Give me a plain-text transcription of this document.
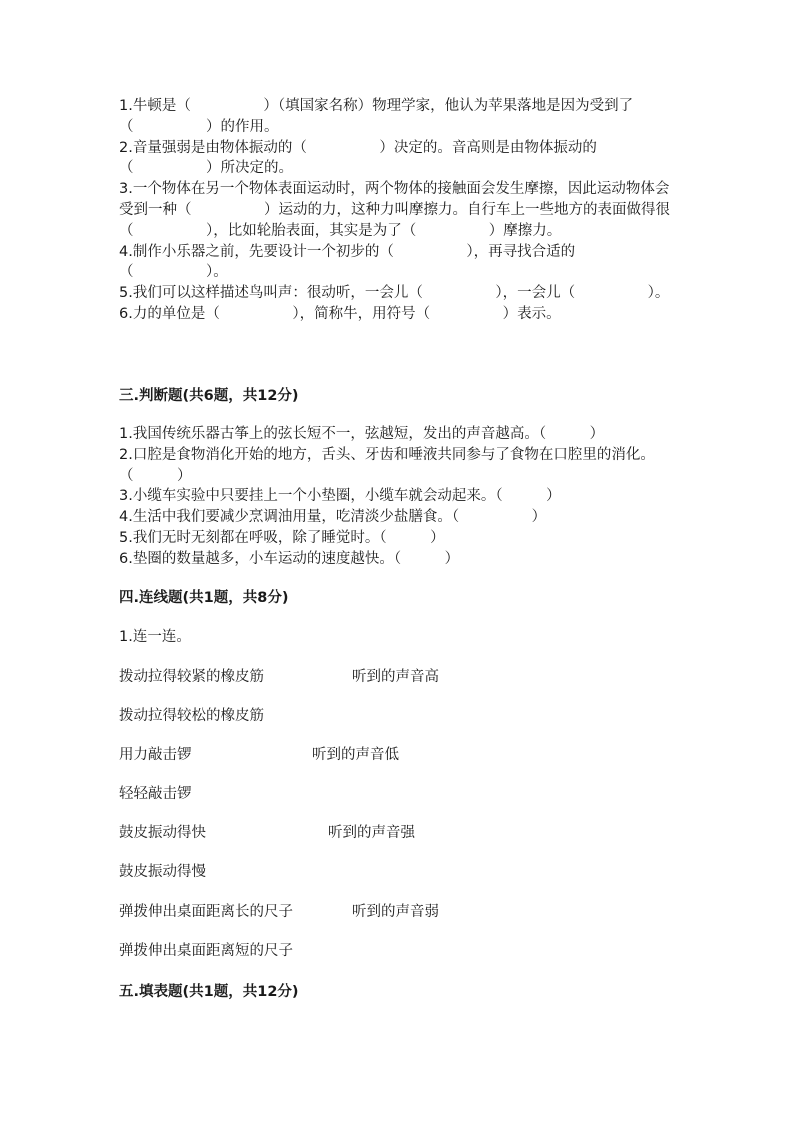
1.牛顿是（　　　　　）（填国家名称）物理学家，他认为苹果落地是因为受到了（　　　　　）的作用。

2.音量强弱是由物体振动的（　　　　　）决定的。音高则是由物体振动的（　　　　　）所决定的。

3.一个物体在另一个物体表面运动时，两个物体的接触面会发生摩擦，因此运动物体会受到一种（　　　　　）运动的力，这种力叫摩擦力。自行车上一些地方的表面做得很（　　　　　），比如轮胎表面，其实是为了（　　　　　）摩擦力。

4.制作小乐器之前，先要设计一个初步的（　　　　　），再寻找合适的（　　　　　）。

5.我们可以这样描述鸟叫声：很动听，一会儿（　　　　　），一会儿（　　　　　）。

6.力的单位是（　　　　　），简称牛，用符号（　　　　　）表示。

三.判断题(共6题，共12分)

1.我国传统乐器古筝上的弦长短不一，弦越短，发出的声音越高。（　　　）

2.口腔是食物消化开始的地方，舌头、牙齿和唾液共同参与了食物在口腔里的消化。（　　　）

3.小缆车实验中只要挂上一个小垫圈，小缆车就会动起来。（　　　）

4.生活中我们要减少烹调油用量，吃清淡少盐膳食。（　　　　　）

5.我们无时无刻都在呼吸，除了睡觉时。（　　　）

6.垫圈的数量越多，小车运动的速度越快。（　　　）

四.连线题(共1题，共8分)
1.连一连。
拨动拉得较紧的橡皮筋	听到的声音高
拨动拉得较松的橡皮筋
用力敲击锣	听到的声音低
轻轻敲击锣
鼓皮振动得快	听到的声音强
鼓皮振动得慢
弹拨伸出桌面距离长的尺子	听到的声音弱
弹拨伸出桌面距离短的尺子
五.填表题(共1题，共12分)
